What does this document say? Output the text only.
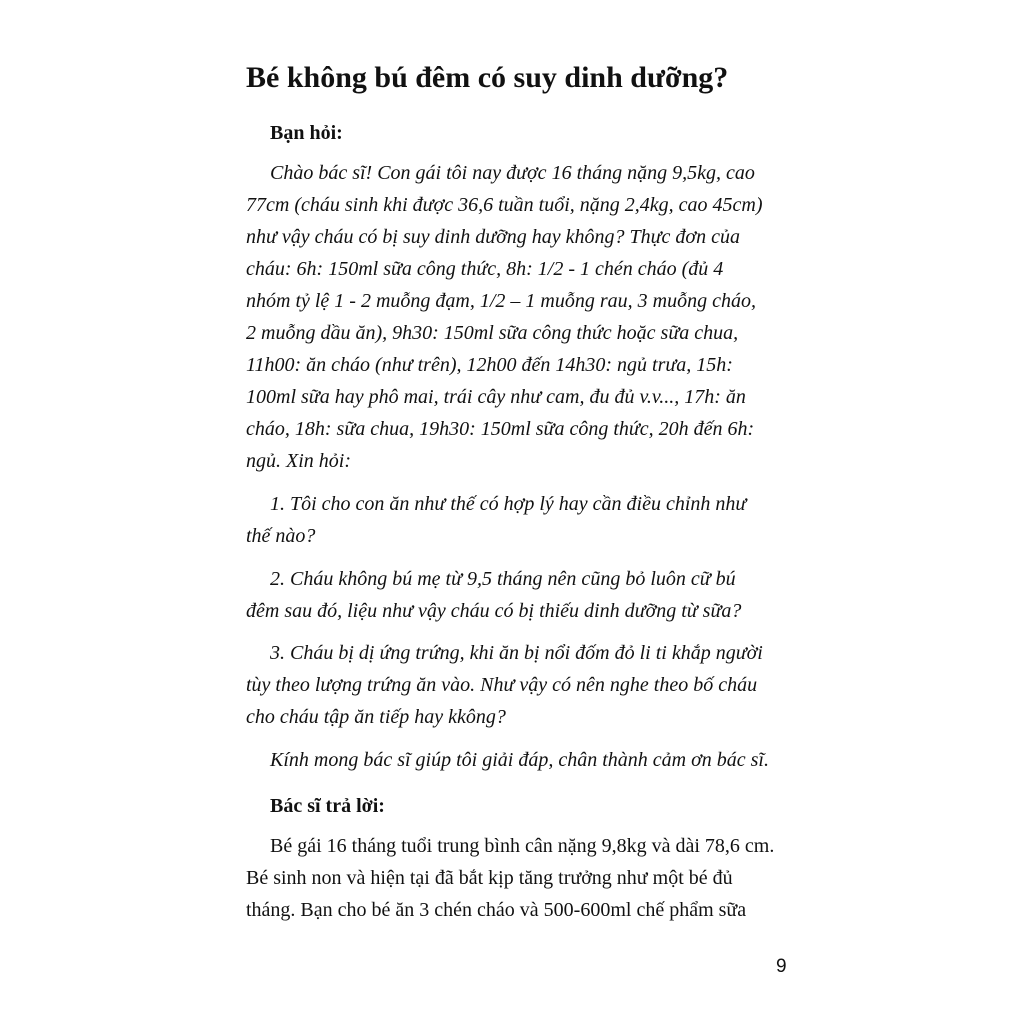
Bé không bú đêm có suy dinh dưỡng?
Bạn hỏi:
Chào bác sĩ! Con gái tôi nay được 16 tháng nặng 9,5kg, cao
77cm (cháu sinh khi được 36,6 tuần tuổi, nặng 2,4kg, cao 45cm)
như vậy cháu có bị suy dinh dưỡng hay không? Thực đơn của
cháu: 6h: 150ml sữa công thức, 8h: 1/2 - 1 chén cháo (đủ 4
nhóm tỷ lệ 1 - 2 muỗng đạm, 1/2 – 1 muỗng rau, 3 muỗng cháo,
2 muỗng dầu ăn), 9h30: 150ml sữa công thức hoặc sữa chua,
11h00: ăn cháo (như trên), 12h00 đến 14h30: ngủ trưa, 15h:
100ml sữa hay phô mai, trái cây như cam, đu đủ v.v..., 17h: ăn
cháo, 18h: sữa chua, 19h30: 150ml sữa công thức, 20h đến 6h:
ngủ. Xin hỏi:
1. Tôi cho con ăn như thế có hợp lý hay cần điều chỉnh như
thế nào?
2. Cháu không bú mẹ từ 9,5 tháng nên cũng bỏ luôn cữ bú
đêm sau đó, liệu như vậy cháu có bị thiếu dinh dưỡng từ sữa?
3. Cháu bị dị ứng trứng, khi ăn bị nổi đốm đỏ li ti khắp người
tùy theo lượng trứng ăn vào. Như vậy có nên nghe theo bố cháu
cho cháu tập ăn tiếp hay kkông?
Kính mong bác sĩ giúp tôi giải đáp, chân thành cảm ơn bác sĩ.
Bác sĩ trả lời:
Bé gái 16 tháng tuổi trung bình cân nặng 9,8kg và dài 78,6 cm.
Bé sinh non và hiện tại đã bắt kịp tăng trưởng như một bé đủ
tháng. Bạn cho bé ăn 3 chén cháo và 500-600ml chế phẩm sữa
9
